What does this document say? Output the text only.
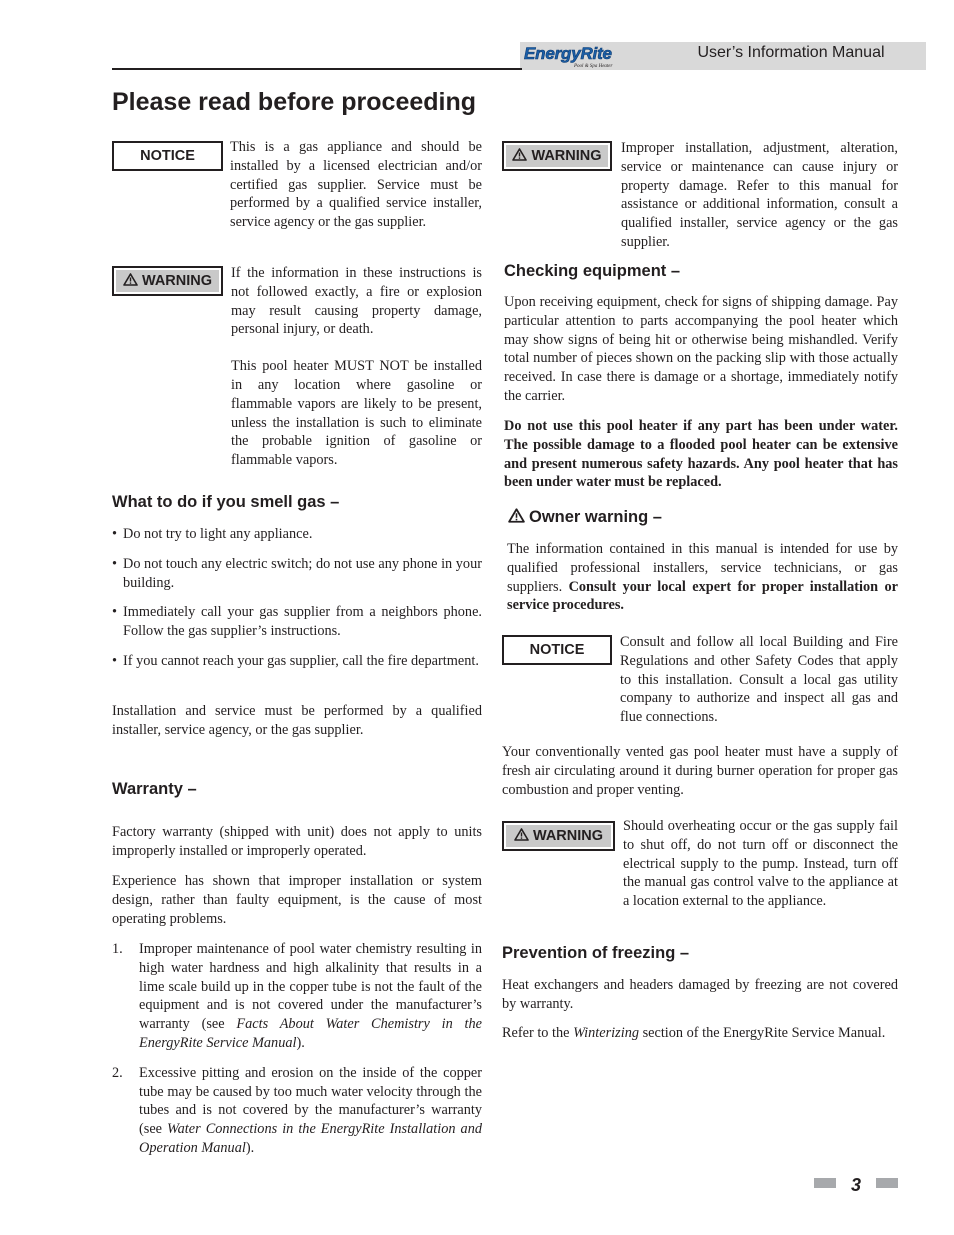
EnergyRite
Pool & Spa Heater
User’s Information Manual
Please read before proceeding
NOTICE

This is a gas appliance and should be installed by a licensed electrician and/or certified gas supplier. Service must be performed by a qualified service installer, service agency or the gas supplier.

WARNING	If the information in these instructions is not followed exactly, a fire or explosion may result causing property damage, personal injury, or death.

This pool heater MUST NOT be installed in any location where gasoline or flammable vapors are likely to be present, unless the installation is such to eliminate the probable ignition of gasoline or flammable vapors.

What to do if you smell gas –
• Do not try to light any appliance.
• Do not touch any electric switch; do not use any phone in your building.
• Immediately call your gas supplier from a neighbors phone. Follow the gas supplier’s instructions.
• If you cannot reach your gas supplier, call the fire department.

Installation and service must be performed by a qualified installer, service agency, or the gas supplier.

Warranty –

Factory warranty (shipped with unit) does not apply to units improperly installed or improperly operated.

Experience has shown that improper installation or system design, rather than faulty equipment, is the cause of most operating problems.

1. Improper maintenance of pool water chemistry resulting in high water hardness and high alkalinity that results in a lime scale build up in the copper tube is not the fault of the equipment and is not covered under the manufacturer’s warranty (see Facts About Water Chemistry in the EnergyRite Service Manual).
2. Excessive pitting and erosion on the inside of the copper tube may be caused by too much water velocity through the tubes and is not covered by the manufacturer’s warranty (see Water Connections in the EnergyRite Installation and Operation Manual).
WARNING	Improper installation, adjustment, alteration, service or maintenance can cause injury or property damage. Refer to this manual for assistance or additional information, consult a qualified installer, service agency or the gas supplier.

Checking equipment –

Upon receiving equipment, check for signs of shipping damage. Pay particular attention to parts accompanying the pool heater which may show signs of being hit or otherwise being mishandled. Verify total number of pieces shown on the packing slip with those actually received. In case there is damage or a shortage, immediately notify the carrier.

Do not use this pool heater if any part has been under water. The possible damage to a flooded pool heater can be extensive and present numerous safety hazards. Any pool heater that has been under water must be replaced.

Owner warning –

The information contained in this manual is intended for use by qualified professional installers, service technicians, or gas suppliers. Consult your local expert for proper installation or service procedures.

NOTICE	Consult and follow all local Building and Fire Regulations and other Safety Codes that apply to this installation. Consult a local gas utility company to authorize and inspect all gas and flue connections.

Your conventionally vented gas pool heater must have a supply of fresh air circulating around it during burner operation for proper gas combustion and proper venting.

WARNING

Should overheating occur or the gas supply fail to shut off, do not turn off or disconnect the electrical supply to the pump. Instead, turn off the manual gas control valve to the appliance at a location external to the appliance.

Prevention of freezing –

Heat exchangers and headers damaged by freezing are not covered by warranty.

Refer to the Winterizing section of the EnergyRite Service Manual.

3
